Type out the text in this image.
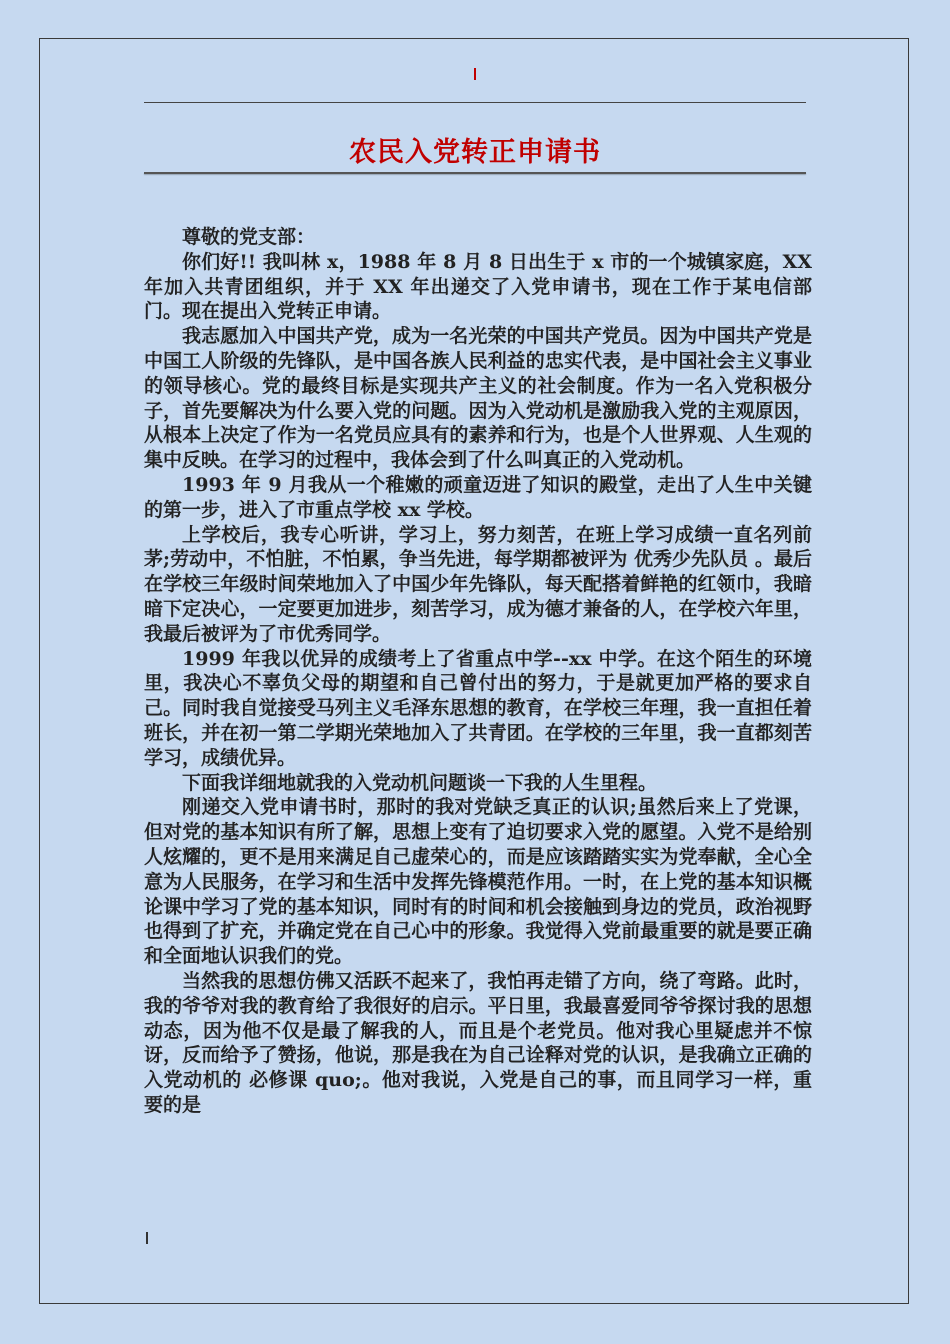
农民入党转正申请书

尊敬的党支部：

你们好!! 我叫林 x，1988 年 8 月 8 日出生于 x 市的一个城镇家庭，XX 年加入共青团组织，并于 XX 年出递交了入党申请书，现在工作于某电信部门。现在提出入党转正申请。

我志愿加入中国共产党，成为一名光荣的中国共产党员。因为中国共产党是中国工人阶级的先锋队，是中国各族人民利益的忠实代表，是中国社会主义事业的领导核心。党的最终目标是实现共产主义的社会制度。作为一名入党积极分子，首先要解决为什么要入党的问题。因为入党动机是激励我入党的主观原因，从根本上决定了作为一名党员应具有的素养和行为，也是个人世界观、人生观的集中反映。在学习的过程中，我体会到了什么叫真正的入党动机。

1993 年 9 月我从一个稚嫩的顽童迈进了知识的殿堂，走出了人生中关键的第一步，进入了市重点学校 xx 学校。

上学校后，我专心听讲，学习上，努力刻苦，在班上学习成绩一直名列前茅;劳动中，不怕脏，不怕累，争当先进，每学期都被评为 优秀少先队员 。最后在学校三年级时间荣地加入了中国少年先锋队，每天配搭着鲜艳的红领巾，我暗暗下定决心，一定要更加进步，刻苦学习，成为德才兼备的人，在学校六年里，我最后被评为了市优秀同学。

1999 年我以优异的成绩考上了省重点中学--xx 中学。在这个陌生的环境里，我决心不辜负父母的期望和自己曾付出的努力，于是就更加严格的要求自己。同时我自觉接受马列主义毛泽东思想的教育，在学校三年理，我一直担任着班长，并在初一第二学期光荣地加入了共青团。在学校的三年里，我一直都刻苦学习，成绩优异。

下面我详细地就我的入党动机问题谈一下我的人生里程。

刚递交入党申请书时，那时的我对党缺乏真正的认识;虽然后来上了党课，但对党的基本知识有所了解，思想上变有了迫切要求入党的愿望。入党不是给别人炫耀的，更不是用来满足自己虚荣心的，而是应该踏踏实实为党奉献，全心全意为人民服务，在学习和生活中发挥先锋模范作用。一时，在上党的基本知识概论课中学习了党的基本知识，同时有的时间和机会接触到身边的党员，政治视野也得到了扩充，并确定党在自己心中的形象。我觉得入党前最重要的就是要正确和全面地认识我们的党。

当然我的思想仿佛又活跃不起来了，我怕再走错了方向，绕了弯路。此时，我的爷爷对我的教育给了我很好的启示。平日里，我最喜爱同爷爷探讨我的思想动态，因为他不仅是最了解我的人，而且是个老党员。他对我心里疑虑并不惊讶，反而给予了赞扬，他说，那是我在为自己诠释对党的认识，是我确立正确的入党动机的 必修课 quo;。他对我说，入党是自己的事，而且同学习一样，重要的是
